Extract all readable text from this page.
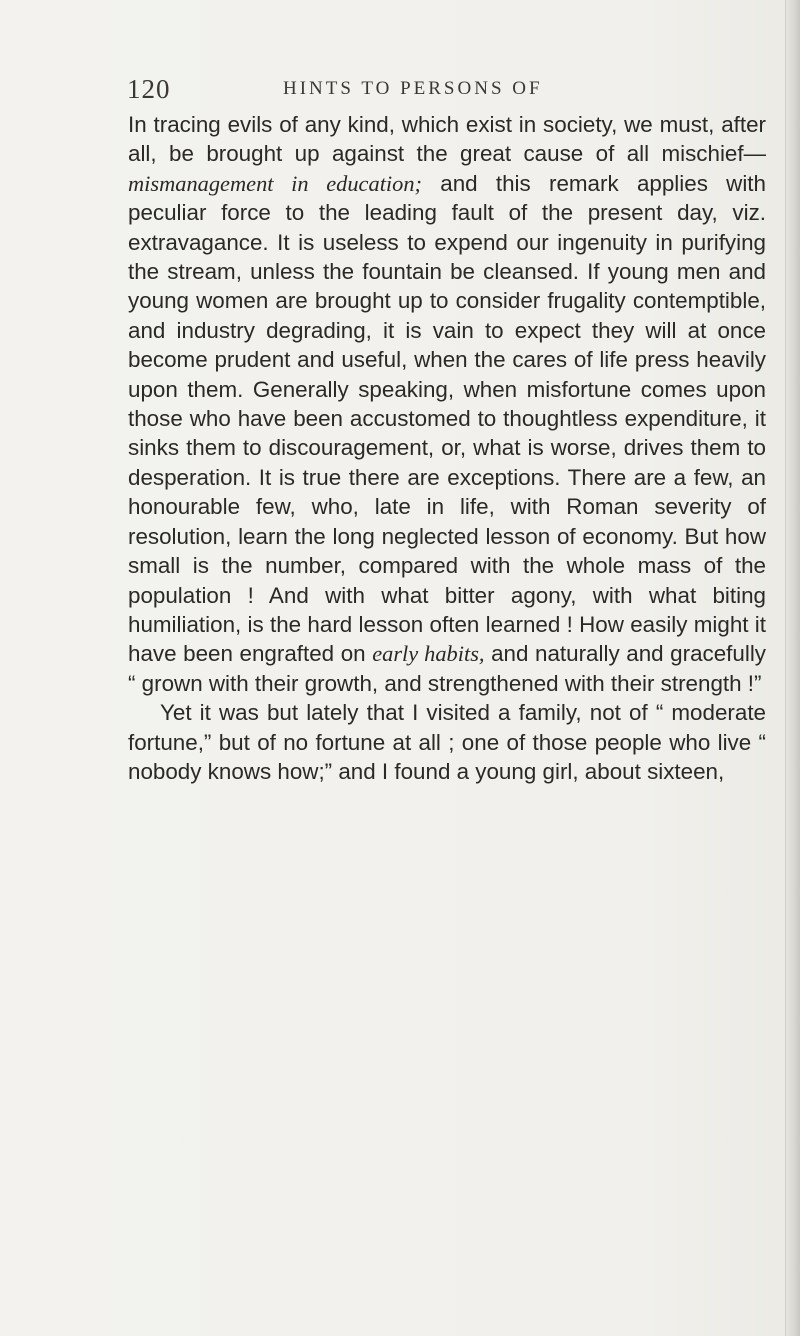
120	HINTS TO PERSONS OF

In tracing evils of any kind, which exist in society, we must, after all, be brought up against the great cause of all mischief—mismanagement in education; and this remark applies with peculiar force to the leading fault of the present day, viz. extravagance. It is useless to expend our ingenuity in purifying the stream, unless the fountain be cleansed. If young men and young women are brought up to consider frugality contemptible, and industry degrading, it is vain to expect they will at once become prudent and useful, when the cares of life press heavily upon them. Generally speaking, when misfortune comes upon those who have been accustomed to thoughtless expenditure, it sinks them to discouragement, or, what is worse, drives them to desperation. It is true there are exceptions. There are a few, an honourable few, who, late in life, with Roman severity of resolution, learn the long neglected lesson of economy. But how small is the number, compared with the whole mass of the population ! And with what bitter agony, with what biting humiliation, is the hard lesson often learned ! How easily might it have been engrafted on early habits, and naturally and gracefully “ grown with their growth, and strengthened with their strength !”

Yet it was but lately that I visited a family, not of “ moderate fortune,” but of no fortune at all ; one of those people who live “ nobody knows how;” and I found a young girl, about sixteen,
